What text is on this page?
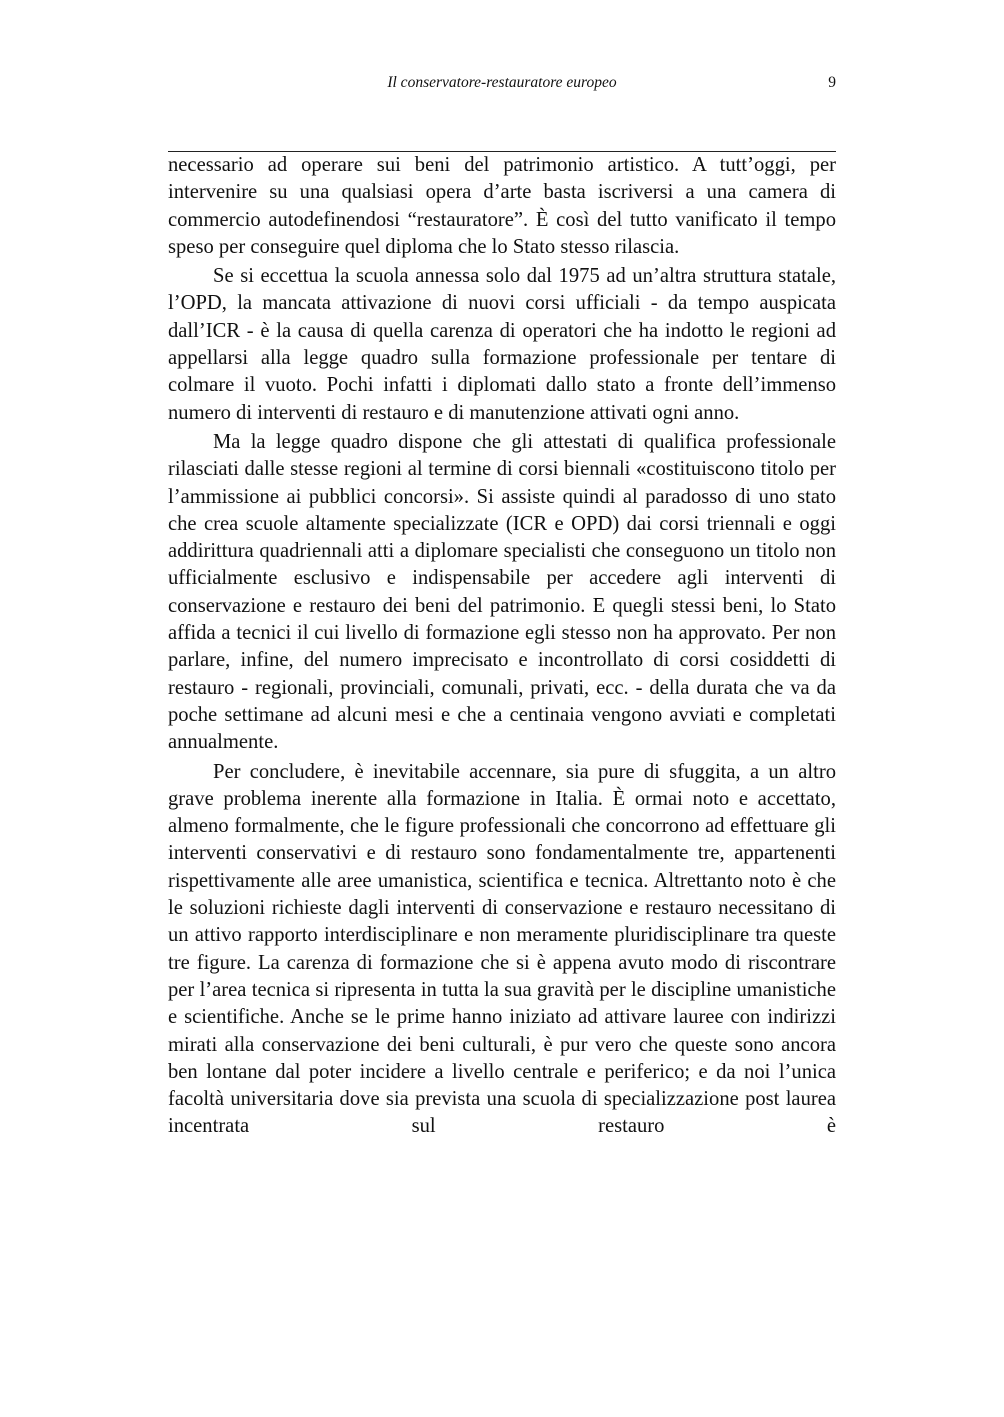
Il conservatore-restauratore europeo	9

necessario ad operare sui beni del patrimonio artistico. A tutt’oggi, per intervenire su una qualsiasi opera d’arte basta iscriversi a una camera di commercio autodefinendosi “restauratore”. È così del tutto vanificato il tempo speso per conseguire quel diploma che lo Stato stesso rilascia.

Se si eccettua la scuola annessa solo dal 1975 ad un’altra struttura statale, l’OPD, la mancata attivazione di nuovi corsi ufficiali - da tempo auspicata dall’ICR - è la causa di quella carenza di operatori che ha indotto le regioni ad appellarsi alla legge quadro sulla formazione professionale per tentare di colmare il vuoto. Pochi infatti i diplomati dallo stato a fronte dell’immenso numero di interventi di restauro e di manutenzione attivati ogni anno.

Ma la legge quadro dispone che gli attestati di qualifica professionale rilasciati dalle stesse regioni al termine di corsi biennali «costituiscono titolo per l’ammissione ai pubblici concorsi». Si assiste quindi al paradosso di uno stato che crea scuole altamente specializzate (ICR e OPD) dai corsi triennali e oggi addirittura quadriennali atti a diplomare specialisti che conseguono un titolo non ufficialmente esclusivo e indispensabile per accedere agli interventi di conservazione e restauro dei beni del patrimonio. E quegli stessi beni, lo Stato affida a tecnici il cui livello di formazione egli stesso non ha approvato. Per non parlare, infine, del numero imprecisato e incontrollato di corsi cosiddetti di restauro - regionali, provinciali, comunali, privati, ecc. - della durata che va da poche settimane ad alcuni mesi e che a centinaia vengono avviati e completati annualmente.

Per concludere, è inevitabile accennare, sia pure di sfuggita, a un altro grave problema inerente alla formazione in Italia. È ormai noto e accettato, almeno formalmente, che le figure professionali che concorrono ad effettuare gli interventi conservativi e di restauro sono fondamentalmente tre, appartenenti rispettivamente alle aree umanistica, scientifica e tecnica. Altrettanto noto è che le soluzioni richieste dagli interventi di conservazione e restauro necessitano di un attivo rapporto interdisciplinare e non meramente pluridisciplinare tra queste tre figure. La carenza di formazione che si è appena avuto modo di riscontrare per l’area tecnica si ripresenta in tutta la sua gravità per le discipline umanistiche e scientifiche. Anche se le prime hanno iniziato ad attivare lauree con indirizzi mirati alla conservazione dei beni culturali, è pur vero che queste sono ancora ben lontane dal poter incidere a livello centrale e periferico; e da noi l’unica facoltà universitaria dove sia prevista una scuola di specializzazione post laurea incentrata sul restauro è
